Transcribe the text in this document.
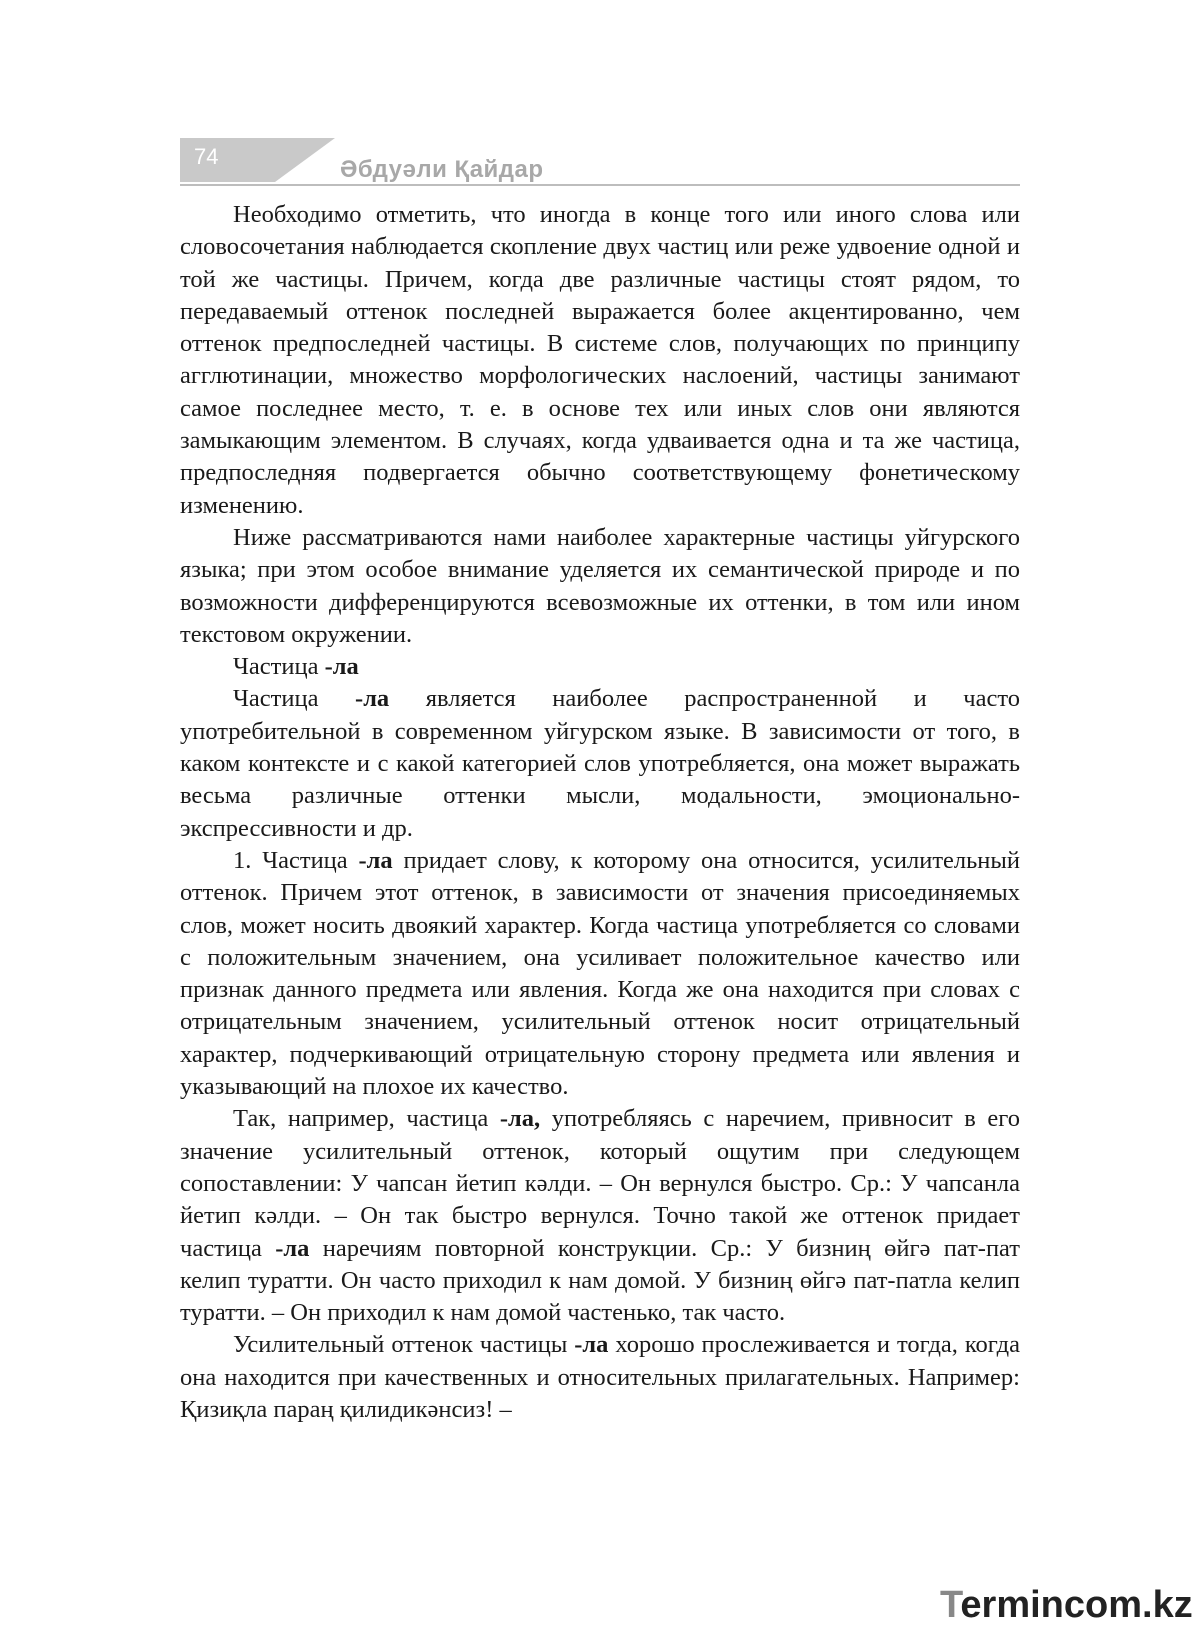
74	Әбдуәли Қайдар

Необходимо отметить, что иногда в конце того или иного слова или словосочетания наблюдается скопление двух частиц или реже удвоение одной и той же частицы. Причем, когда две различные частицы стоят рядом, то передаваемый оттенок последней выражается более акцентированно, чем оттенок предпоследней частицы. В системе слов, получающих по принципу агглютинации, множество морфологических наслоений, частицы занимают самое последнее место, т. е. в основе тех или иных слов они являются замыкающим элементом. В случаях, когда удваивается одна и та же частица, предпоследняя подвергается обычно соответствующему фонетическому изменению.

Ниже рассматриваются нами наиболее характерные частицы уйгурского языка; при этом особое внимание уделяется их семантической природе и по возможности дифференцируются всевозможные их оттенки, в том или ином текстовом окружении.

Частица -ла

Частица -ла является наиболее распространенной и часто употребительной в современном уйгурском языке. В зависимости от того, в каком контексте и с какой категорией слов употребляется, она может выражать весьма различные оттенки мысли, модальности, эмоционально-экспрессивности и др.

1. Частица -ла придает слову, к которому она относится, усилительный оттенок. Причем этот оттенок, в зависимости от значения присоединяемых слов, может носить двоякий характер. Когда частица употребляется со словами с положительным значением, она усиливает положительное качество или признак данного предмета или явления. Когда же она находится при словах с отрицательным значением, усилительный оттенок носит отрицательный характер, подчеркивающий отрицательную сторону предмета или явления и указывающий на плохое их качество.

Так, например, частица -ла, употребляясь с наречием, привносит в его значение усилительный оттенок, который ощутим при следующем сопоставлении: У чапсан йетип кәлди. – Он вернулся быстро. Ср.: У чапсанла йетип кәлди. – Он так быстро вернулся. Точно такой же оттенок придает частица -ла наречиям повторной конструкции. Ср.: У бизниң өйгә пат-пат келип туратти. Он часто приходил к нам домой. У бизниң өйгә пат-патла келип туратти. – Он приходил к нам домой частенько, так часто.

Усилительный оттенок частицы -ла хорошо прослеживается и тогда, когда она находится при качественных и относительных прилагательных. Например: Қизиқла параң қилидикәнсиз! –

Termincom.kz
